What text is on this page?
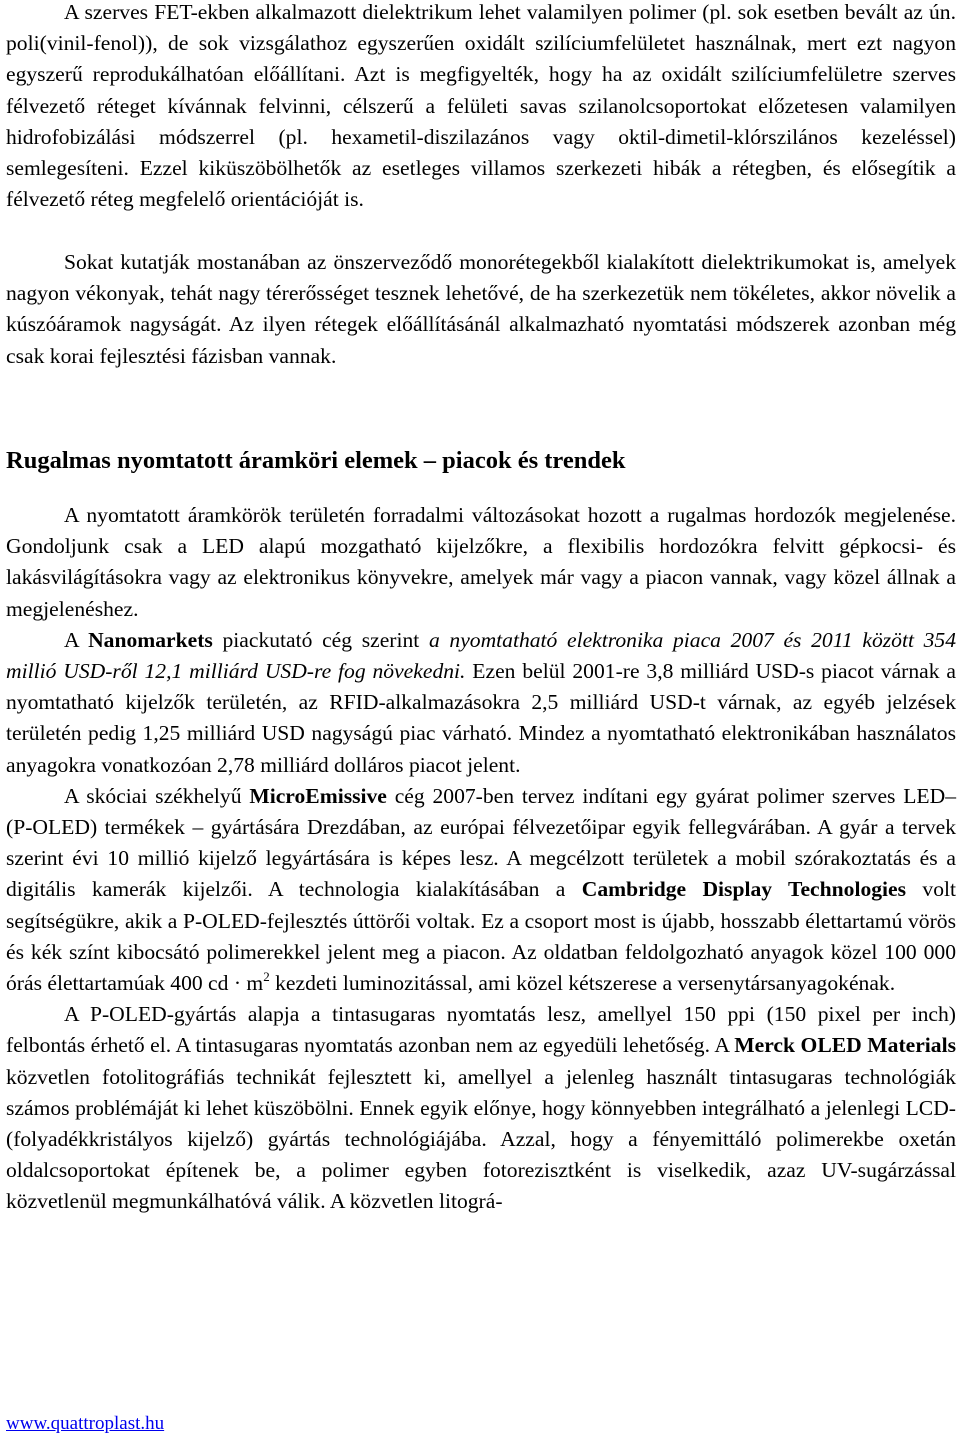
A szerves FET-ekben alkalmazott dielektrikum lehet valamilyen polimer (pl. sok esetben bevált az ún. poli(vinil-fenol)), de sok vizsgálathoz egyszerűen oxidált szilíciumfelületet használnak, mert ezt nagyon egyszerű reprodukálhatóan előállítani. Azt is megfigyelték, hogy ha az oxidált szilíciumfelületre szerves félvezető réteget kívánnak felvinni, célszerű a felületi savas szilanolcsoportokat előzetesen valamilyen hidrofobizálási módszerrel (pl. hexametil-diszilazános vagy oktil-dimetil-klórszilános kezeléssel) semlegesíteni. Ezzel kiküszöbölhetők az esetleges villamos szerkezeti hibák a rétegben, és elősegítik a félvezető réteg megfelelő orientációját is.

Sokat kutatják mostanában az önszerveződő monorétegekből kialakított dielektrikumokat is, amelyek nagyon vékonyak, tehát nagy térerősséget tesznek lehetővé, de ha szerkezetük nem tökéletes, akkor növelik a kúszóáramok nagyságát. Az ilyen rétegek előállításánál alkalmazható nyomtatási módszerek azonban még csak korai fejlesztési fázisban vannak.

Rugalmas nyomtatott áramköri elemek – piacok és trendek

A nyomtatott áramkörök területén forradalmi változásokat hozott a rugalmas hordozók megjelenése. Gondoljunk csak a LED alapú mozgatható kijelzőkre, a flexibilis hordozókra felvitt gépkocsi- és lakásvilágításokra vagy az elektronikus könyvekre, amelyek már vagy a piacon vannak, vagy közel állnak a megjelenéshez.

A Nanomarkets piackutató cég szerint a nyomtatható elektronika piaca 2007 és 2011 között 354 millió USD-ről 12,1 milliárd USD-re fog növekedni. Ezen belül 2001-re 3,8 milliárd USD-s piacot várnak a nyomtatható kijelzők területén, az RFID-alkalmazásokra 2,5 milliárd USD-t várnak, az egyéb jelzések területén pedig 1,25 milliárd USD nagyságú piac várható. Mindez a nyomtatható elektronikában használatos anyagokra vonatkozóan 2,78 milliárd dolláros piacot jelent.

A skóciai székhelyű MicroEmissive cég 2007-ben tervez indítani egy gyárat polimer szerves LED– (P-OLED) termékek – gyártására Drezdában, az európai félvezetőipar egyik fellegvárában. A gyár a tervek szerint évi 10 millió kijelző legyártására is képes lesz. A megcélzott területek a mobil szórakoztatás és a digitális kamerák kijelzői. A technologia kialakításában a Cambridge Display Technologies volt segítségükre, akik a P-OLED-fejlesztés úttörői voltak. Ez a csoport most is újabb, hosszabb élettartamú vörös és kék színt kibocsátó polimerekkel jelent meg a piacon. Az oldatban feldolgozható anyagok közel 100 000 órás élettartamúak 400 cd · $m^2$ kezdeti luminozitással, ami közel kétszerese a versenytársanyagokénak.

A P-OLED-gyártás alapja a tintasugaras nyomtatás lesz, amellyel 150 ppi (150 pixel per inch) felbontás érhető el. A tintasugaras nyomtatás azonban nem az egyedüli lehetőség. A Merck OLED Materials közvetlen fotolitográfiás technikát fejlesztett ki, amellyel a jelenleg használt tintasugaras technológiák számos problémáját ki lehet küszöbölni. Ennek egyik előnye, hogy könnyebben integrálható a jelenlegi LCD- (folyadékkristályos kijelző) gyártás technológiájába. Azzal, hogy a fényemittáló polimerekbe oxetán oldalcsoportokat építenek be, a polimer egyben fotorezisztként is viselkedik, azaz UV-sugárzással közvetlenül megmunkálhatóvá válik. A közvetlen litográ-

www.quattroplast.hu
